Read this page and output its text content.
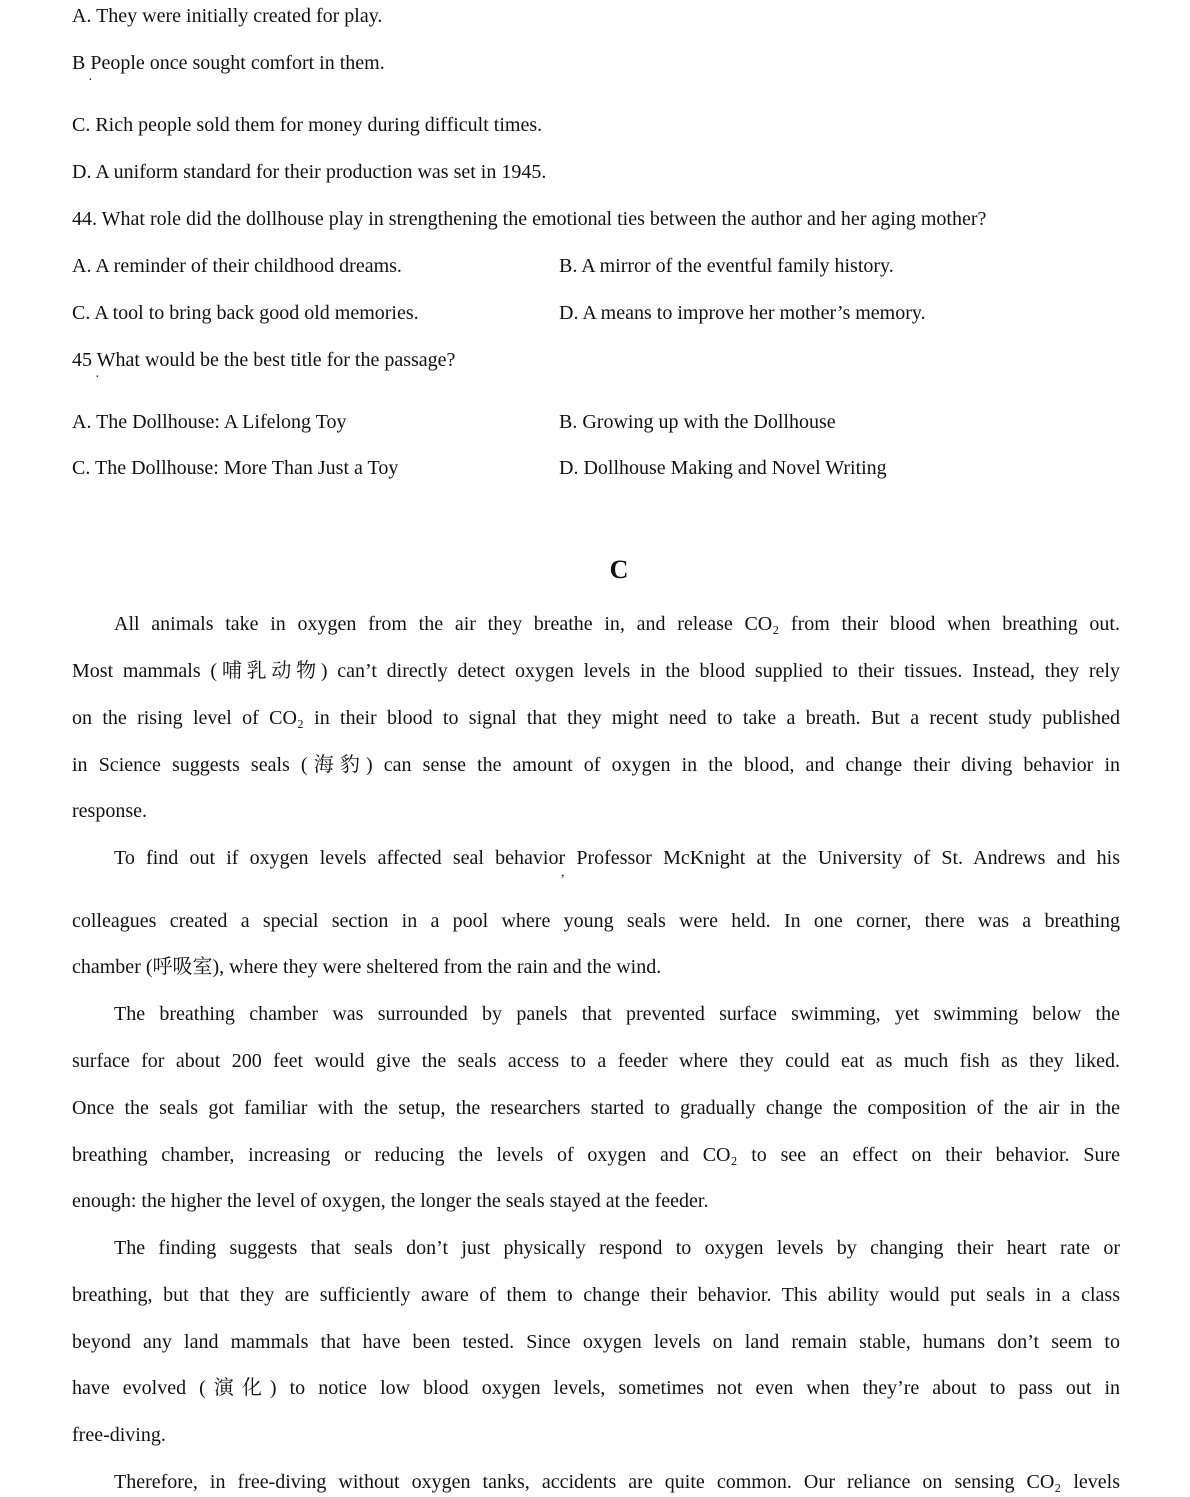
A. They were initially created for play.
B People once sought comfort in them.
·
C. Rich people sold them for money during difficult times.
D. A uniform standard for their production was set in 1945.
44. What role did the dollhouse play in strengthening the emotional ties between the author and her aging mother?
A. A reminder of their childhood dreams.	B. A mirror of the eventful family history.
C. A tool to bring back good old memories.	D. A means to improve her mother’s memory.
45 What would be the best title for the passage?
·
A. The Dollhouse: A Lifelong Toy	B. Growing up with the Dollhouse
C. The Dollhouse: More Than Just a Toy	D. Dollhouse Making and Novel Writing
C
All animals take in oxygen from the air they breathe in, and release CO₂ from their blood when breathing out.
Most mammals (哺乳动物) can’t directly detect oxygen levels in the blood supplied to their tissues. Instead, they rely
on the rising level of CO₂ in their blood to signal that they might need to take a breath. But a recent study published
in Science suggests seals (海豹) can sense the amount of oxygen in the blood, and change their diving behavior in
response.
To find out if oxygen levels affected seal behavior Professor McKnight at the University of St. Andrews and his
,
colleagues created a special section in a pool where young seals were held. In one corner, there was a breathing
chamber (呼吸室), where they were sheltered from the rain and the wind.
The breathing chamber was surrounded by panels that prevented surface swimming, yet swimming below the
surface for about 200 feet would give the seals access to a feeder where they could eat as much fish as they liked.
Once the seals got familiar with the setup, the researchers started to gradually change the composition of the air in the
breathing chamber, increasing or reducing the levels of oxygen and CO₂ to see an effect on their behavior. Sure
enough: the higher the level of oxygen, the longer the seals stayed at the feeder.
The finding suggests that seals don’t just physically respond to oxygen levels by changing their heart rate or
breathing, but that they are sufficiently aware of them to change their behavior. This ability would put seals in a class
beyond any land mammals that have been tested. Since oxygen levels on land remain stable, humans don’t seem to
have evolved (演化) to notice low blood oxygen levels, sometimes not even when they’re about to pass out in
free-diving.
Therefore, in free-diving without oxygen tanks, accidents are quite common. Our reliance on sensing CO₂ levels
